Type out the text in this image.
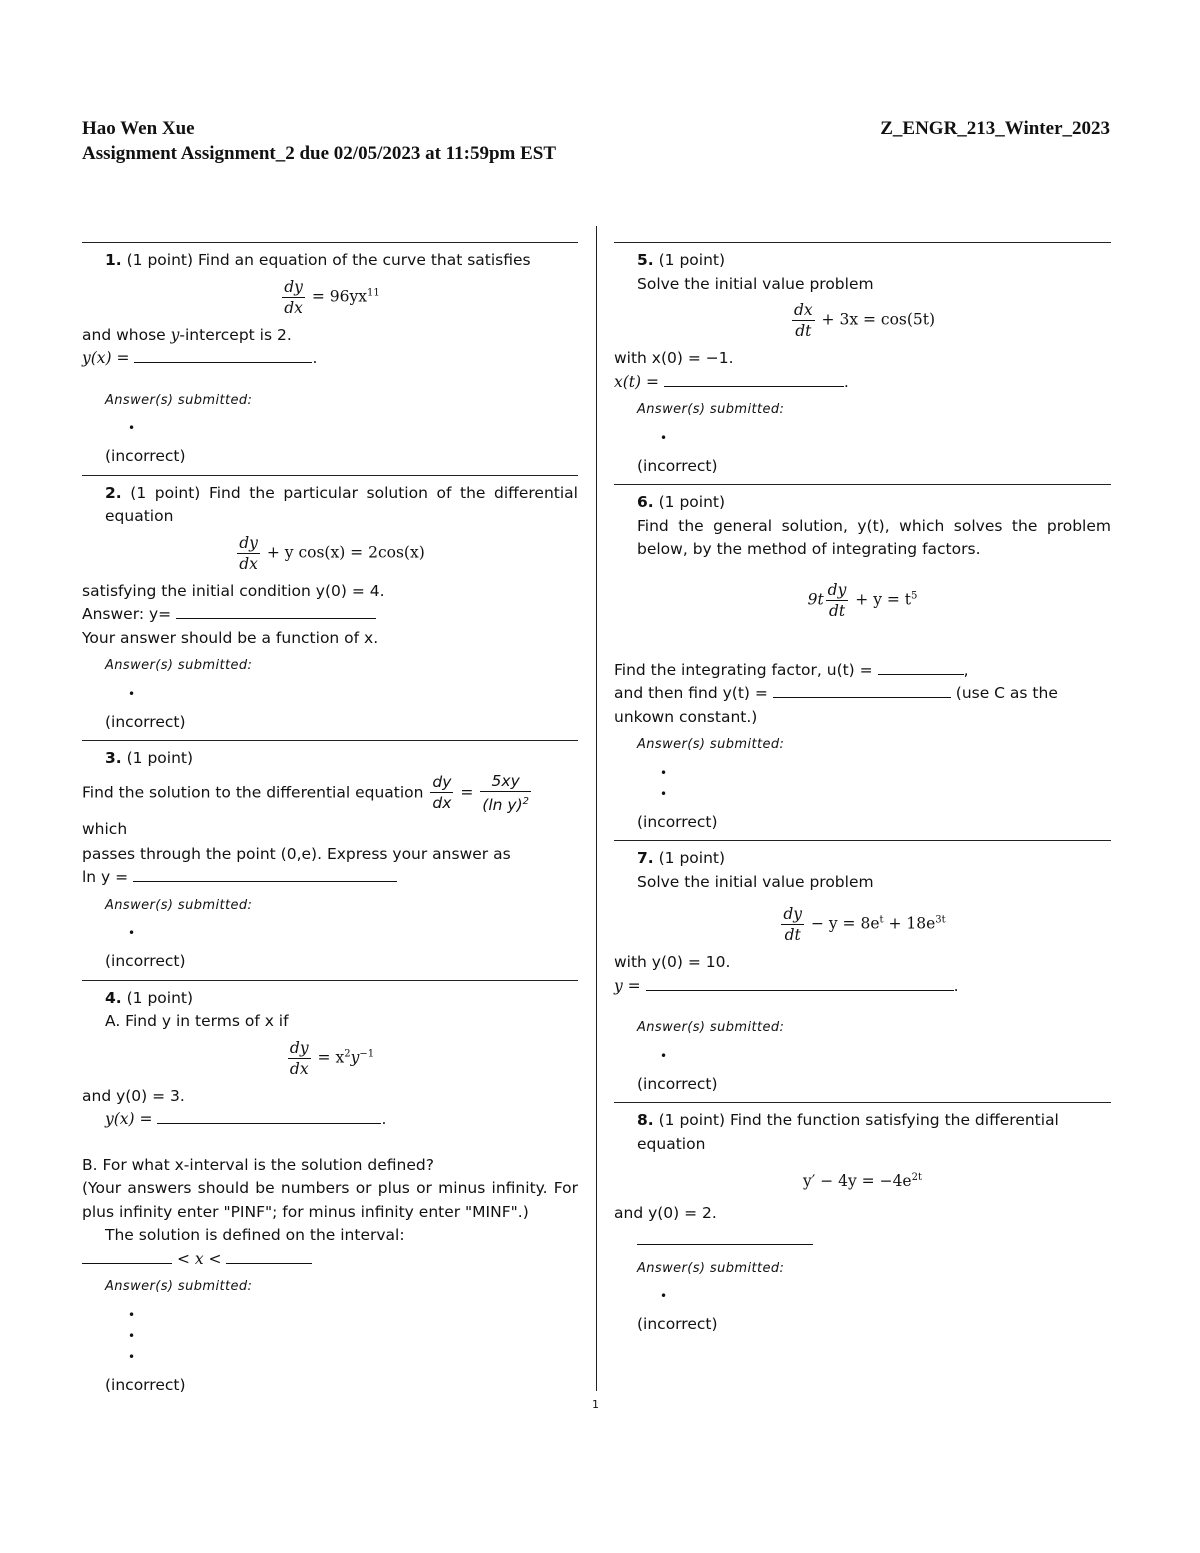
Hao Wen Xue
Assignment Assignment_2 due 02/05/2023 at 11:59pm EST
Z_ENGR_213_Winter_2023
1. (1 point) Find an equation of the curve that satisfies
$\frac{dy}{dx} = 96yx^{11}$
and whose y-intercept is 2.
y(x) =	.
Answer(s) submitted:
•
(incorrect)
2. (1 point) Find the particular solution of the differential equation
$\frac{dy}{dx} + y$ cos(x) = 2cos(x)
satisfying the initial condition y(0) = 4.
Answer: y=
Your answer should be a function of x.
Answer(s) submitted:
•
(incorrect)
3. (1 point)
Find the solution to the differential equation $\frac{dy}{dx} = \frac{5xy}{(\ln y)^2}$
which
passes through the point (0,e). Express your answer as
ln y =
Answer(s) submitted:
•
(incorrect)
4. (1 point)
A. Find y in terms of x if
$\frac{dy}{dx} = x^2y^{-1}$
and y(0) = 3.
y(x) =	.
B. For what x-interval is the solution defined?
(Your answers should be numbers or plus or minus infinity. For plus infinity enter "PINF"; for minus infinity enter "MINF".)
The solution is defined on the interval:
< x <
Answer(s) submitted:
•
•
•
(incorrect)
5. (1 point)
Solve the initial value problem
$\frac{dx}{dt} + 3x = \cos(5t)$
with x(0) = −1.
x(t) =	.
Answer(s) submitted:
•
(incorrect)
6. (1 point)
Find the general solution, y(t), which solves the problem below, by the method of integrating factors.
$9t \frac{dy}{dt} + y = t^5$
Find the integrating factor, u(t) =	,
and then find y(t) =	(use C as the unkown constant.)
Answer(s) submitted:
•
•
(incorrect)
7. (1 point)
Solve the initial value problem
$\frac{dy}{dt} - y = 8e^t + 18e^{3t}$
with y(0) = 10.
y =	.
Answer(s) submitted:
•
(incorrect)
8. (1 point) Find the function satisfying the differential equation
$y' - 4y = -4e^{2t}$
and y(0) = 2.
Answer(s) submitted:
•
(incorrect)
1
